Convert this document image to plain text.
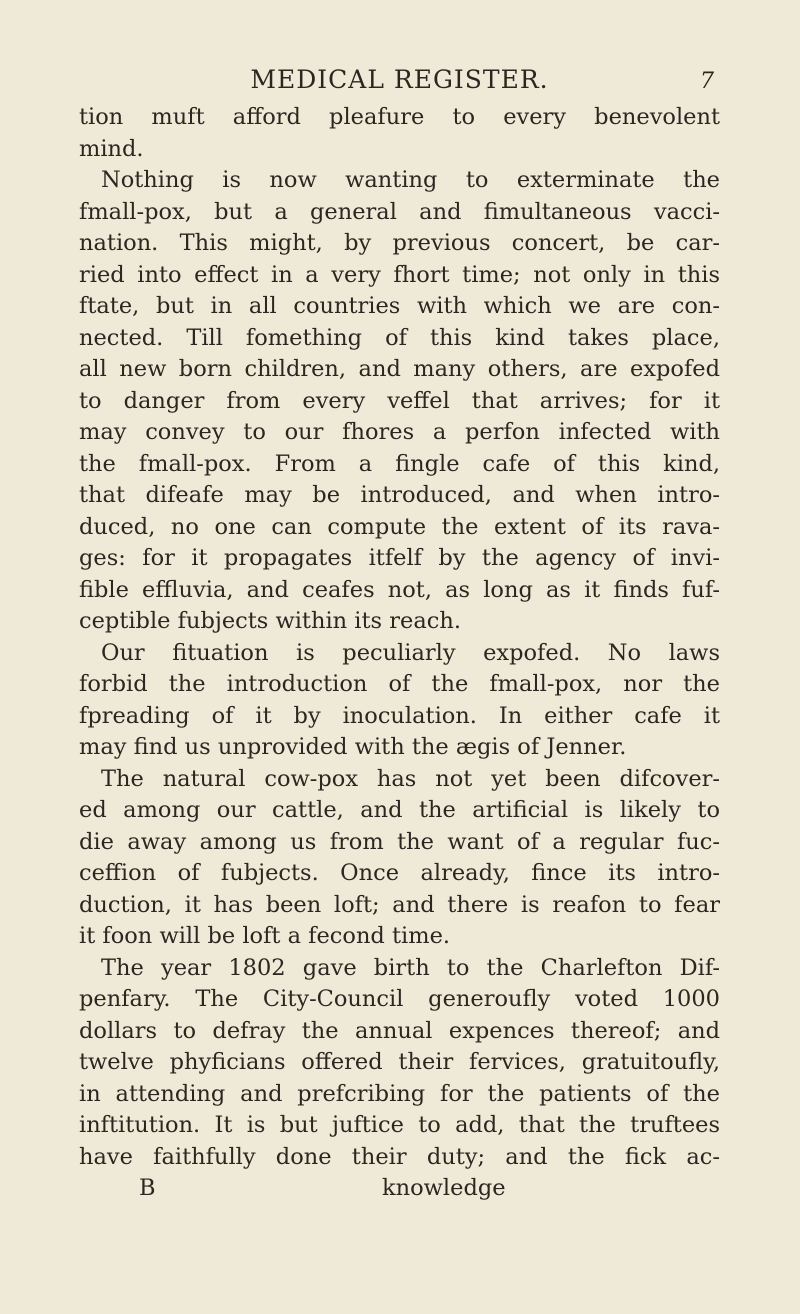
MEDICAL REGISTER.	7
tion muft afford pleafure to every benevolent
mind.
Nothing is now wanting to exterminate the
fmall-pox, but a general and fimultaneous vacci-
nation. This might, by previous concert, be car-
ried into effect in a very fhort time; not only in this
ftate, but in all countries with which we are con-
nected. Till fomething of this kind takes place,
all new born children, and many others, are expofed
to danger from every veffel that arrives; for it
may convey to our fhores a perfon infected with
the fmall-pox. From a fingle cafe of this kind,
that difeafe may be introduced, and when intro-
duced, no one can compute the extent of its rava-
ges: for it propagates itfelf by the agency of invi-
fible effluvia, and ceafes not, as long as it finds fuf-
ceptible fubjects within its reach.
Our fituation is peculiarly expofed. No laws
forbid the introduction of the fmall-pox, nor the
fpreading of it by inoculation. In either cafe it
may find us unprovided with the ægis of Jenner.
The natural cow-pox has not yet been difcover-
ed among our cattle, and the artificial is likely to
die away among us from the want of a regular fuc-
ceffion of fubjects. Once already, fince its intro-
duction, it has been loft; and there is reafon to fear
it foon will be loft a fecond time.
The year 1802 gave birth to the Charlefton Dif-
penfary. The City-Council generoufly voted 1000
dollars to defray the annual expences thereof; and
twelve phyficians offered their fervices, gratuitoufly,
in attending and prefcribing for the patients of the
inftitution. It is but juftice to add, that the truftees
have faithfully done their duty; and the fick ac-
B	knowledge
